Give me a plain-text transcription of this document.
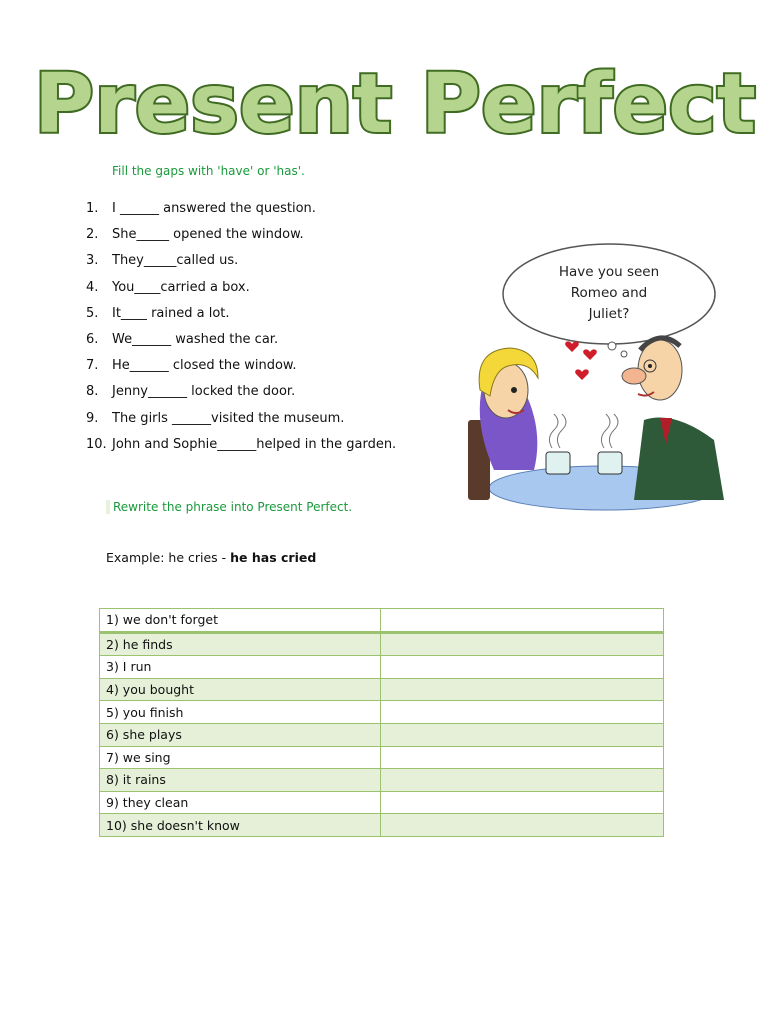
Present Perfect
Fill the gaps with 'have' or 'has'.
1.	I ______ answered the question.
2.	She_____ opened the window.
3.	They_____called us.
4.	You____carried a box.
5.	It____ rained a lot.
6.	We______ washed the car.
7.	He______ closed the window.
8.	Jenny______ locked the door.
9.	The girls ______visited the museum.
10. John and Sophie______helped in the garden.
Have you seen
Romeo and
Juliet?
Rewrite the phrase into Present Perfect.
Example: he cries - he has cried
1) we don't forget	
2) he finds	
3) I run	
4) you bought	
5) you finish	
6) she plays	
7) we sing	
8) it rains	
9) they clean	
10) she doesn't know	
